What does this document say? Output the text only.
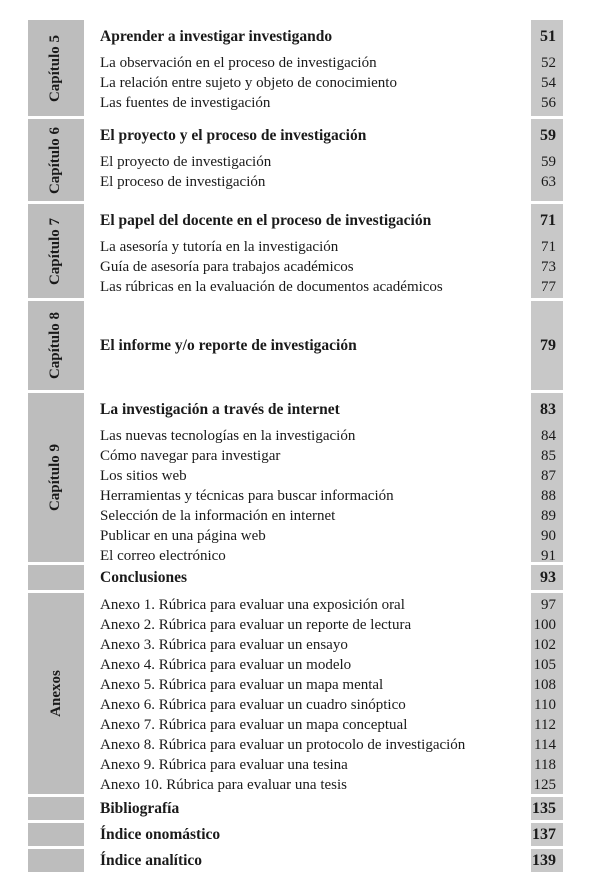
Capítulo 5 Aprender a investigar investigando	51
La observación en el proceso de investigación	52
La relación entre sujeto y objeto de conocimiento	54
Las fuentes de investigación	56
Capítulo 6 El proyecto y el proceso de investigación	59
El proyecto de investigación	59
El proceso de investigación	63
Capítulo 7 El papel del docente en el proceso de investigación	71
La asesoría y tutoría en la investigación	71
Guía de asesoría para trabajos académicos	73
Las rúbricas en la evaluación de documentos académicos	77
Capítulo 8 El informe y/o reporte de investigación	79
Capítulo 9
La investigación a través de internet	83
Las nuevas tecnologías en la investigación	84
Cómo navegar para investigar	85
Los sitios web	87
Herramientas y técnicas para buscar información	88
Selección de la información en internet	89
Publicar en una página web	90
El correo electrónico	91
Conclusiones	93
Anexos
Anexo 1. Rúbrica para evaluar una exposición oral	97
Anexo 2. Rúbrica para evaluar un reporte de lectura	100
Anexo 3. Rúbrica para evaluar un ensayo	102
Anexo 4. Rúbrica para evaluar un modelo	105
Anexo 5. Rúbrica para evaluar un mapa mental	108
Anexo 6. Rúbrica para evaluar un cuadro sinóptico	110
Anexo 7. Rúbrica para evaluar un mapa conceptual	112
Anexo 8. Rúbrica para evaluar un protocolo de investigación	114
Anexo 9. Rúbrica para evaluar una tesina	118
Anexo 10. Rúbrica para evaluar una tesis	125
Bibliografía	135
Índice onomástico	137
Índice analítico	139
